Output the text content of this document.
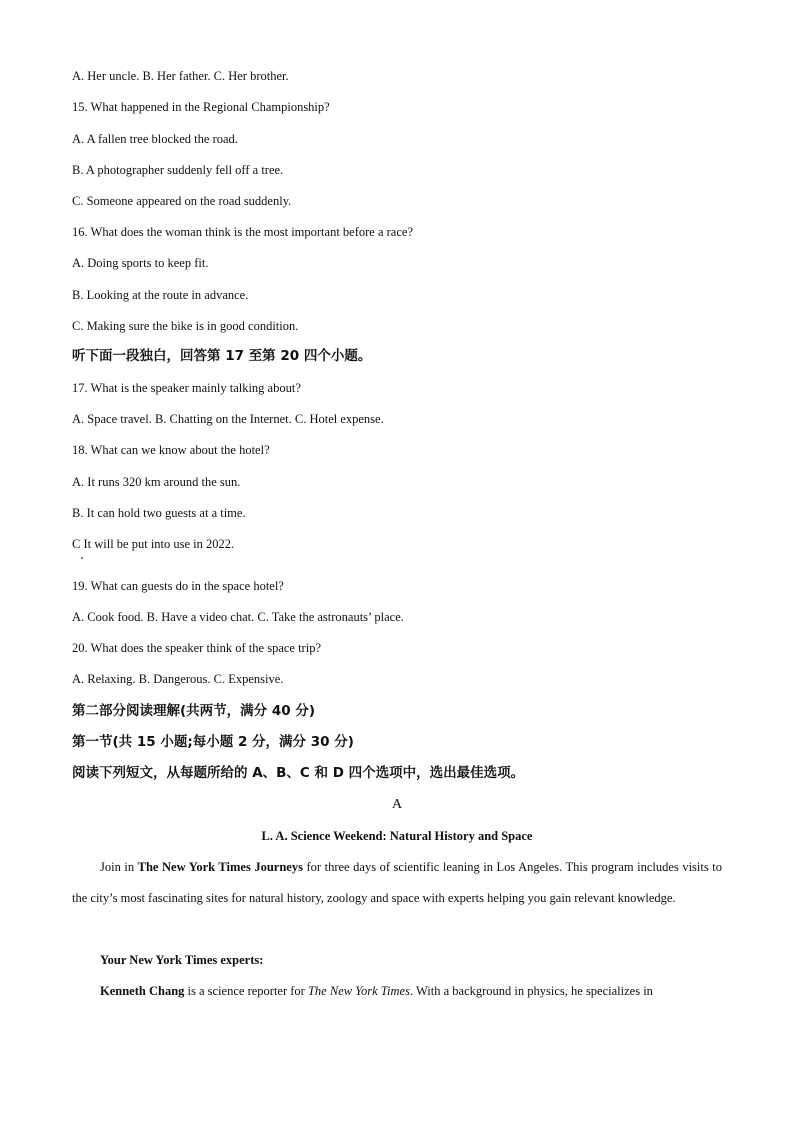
A. Her uncle. B. Her father. C. Her brother.
15. What happened in the Regional Championship?
A. A fallen tree blocked the road.
B. A photographer suddenly fell off a tree.
C. Someone appeared on the road suddenly.
16. What does the woman think is the most important before a race?
A. Doing sports to keep fit.
B. Looking at the route in advance.
C. Making sure the bike is in good condition.
听下面一段独白，回答第 17 至第 20 四个小题。
17. What is the speaker mainly talking about?
A. Space travel. B. Chatting on the Internet. C. Hotel expense.
18. What can we know about the hotel?
A. It runs 320 km around the sun.
B. It can hold two guests at a time.
C It will be put into use in 2022.
19. What can guests do in the space hotel?
A. Cook food. B. Have a video chat. C. Take the astronauts’ place.
20. What does the speaker think of the space trip?
A. Relaxing. B. Dangerous. C. Expensive.
第二部分阅读理解(共两节，满分 40 分)
第一节(共 15 小题;每小题 2 分，满分 30 分)
阅读下列短文，从每题所给的 A、B、C 和 D 四个选项中，选出最佳选项。
A
L. A. Science Weekend: Natural History and Space
Join in The New York Times Journeys for three days of scientific leaning in Los Angeles. This program includes visits to the city’s most fascinating sites for natural history, zoology and space with experts helping you gain relevant knowledge.
Your New York Times experts:
Kenneth Chang is a science reporter for The New York Times. With a background in physics, he specializes in
